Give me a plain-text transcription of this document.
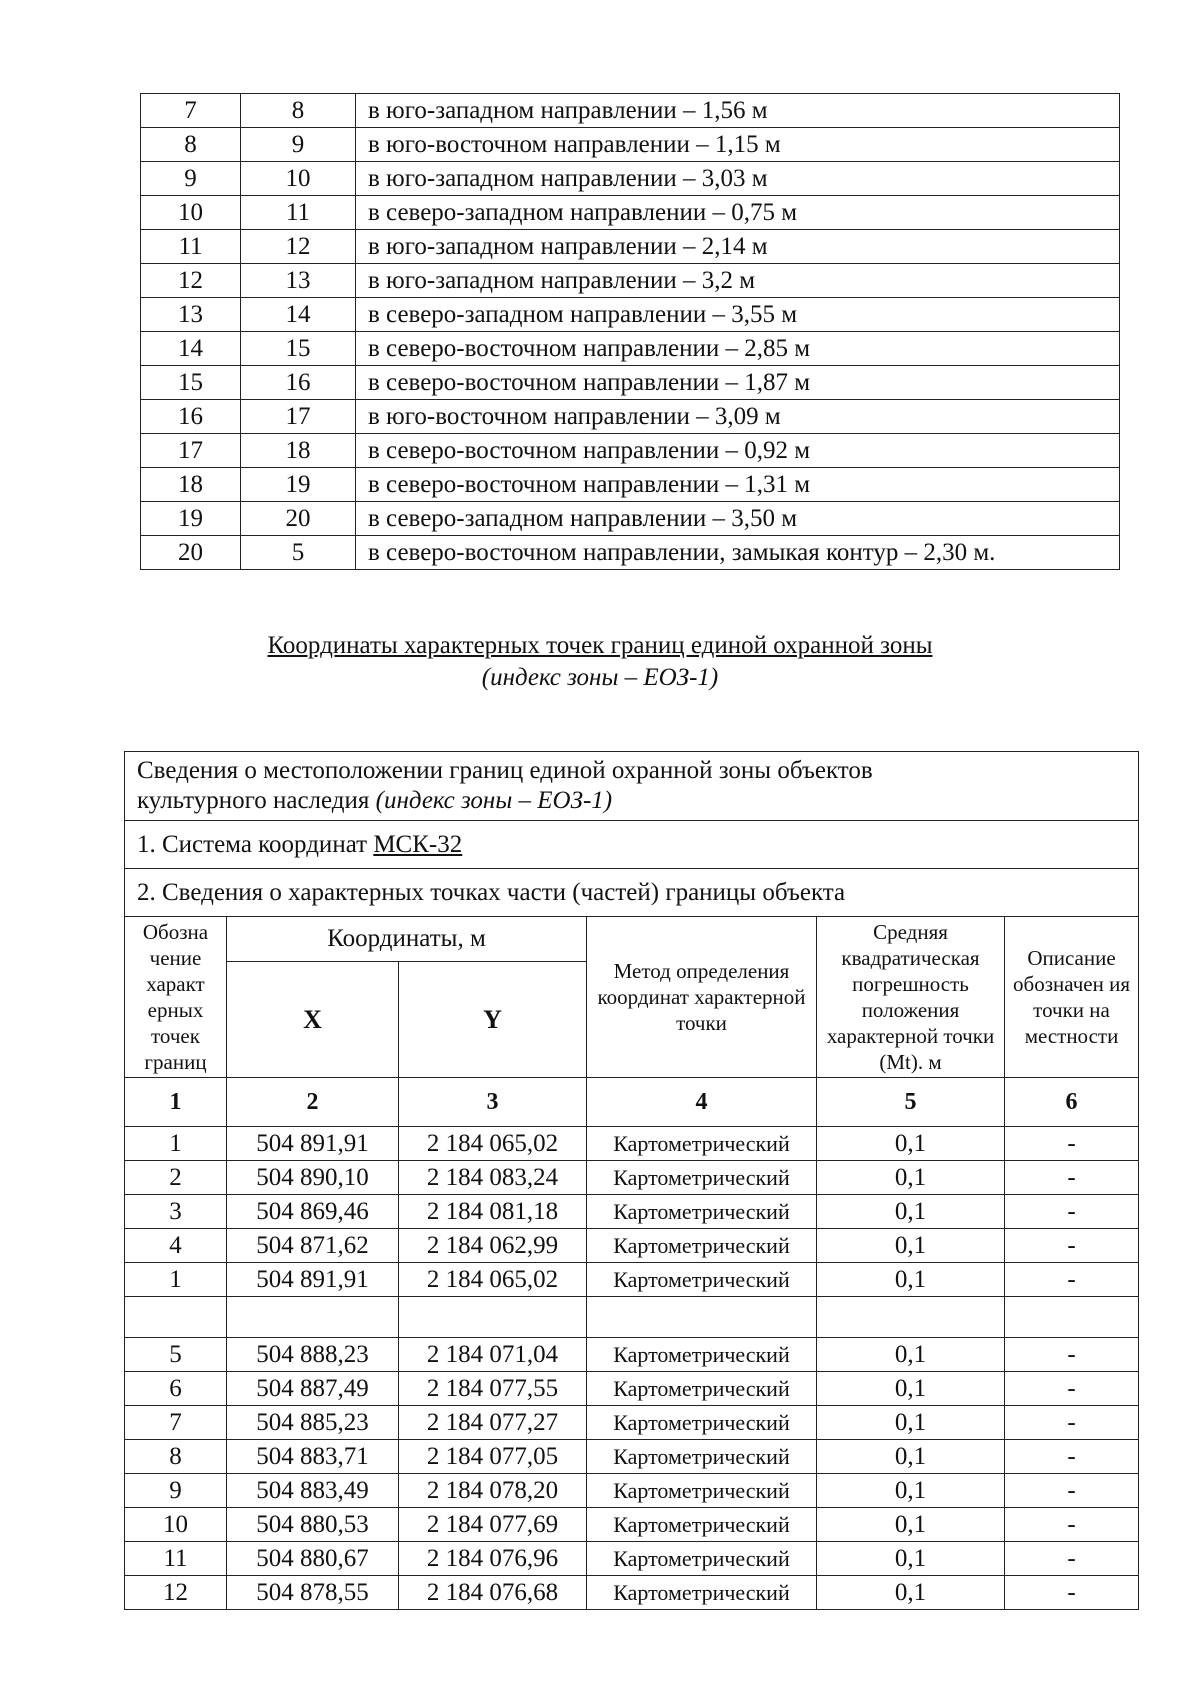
7	8	в юго-западном направлении – 1,56 м
8	9	в юго-восточном направлении – 1,15 м
9	10	в юго-западном направлении – 3,03 м
10	11	в северо-западном направлении – 0,75 м
11	12	в юго-западном направлении – 2,14 м
12	13	в юго-западном направлении – 3,2 м
13	14	в северо-западном направлении – 3,55 м
14	15	в северо-восточном направлении – 2,85 м
15	16	в северо-восточном направлении – 1,87 м
16	17	в юго-восточном направлении – 3,09 м
17	18	в северо-восточном направлении – 0,92 м
18	19	в северо-восточном направлении – 1,31 м
19	20	в северо-западном направлении – 3,50 м
20	5	в северо-восточном направлении, замыкая контур – 2,30 м.
Координаты характерных точек границ единой охранной зоны
(индекс зоны – ЕОЗ-1)
Сведения о местоположении границ единой охранной зоны объектов
культурного наследия (индекс зоны – ЕОЗ-1)					
1. Система координат МСК-32					
2. Сведения о характерных точках части (частей) границы объекта					
Обозна чение характ ерных точек границ	Координаты, м		Метод определения координат характерной точки	Средняя квадратическая погрешность положения характерной точки (Mt). м	Описание обозначен ия точки на местности
	X	Y			
1	2	3	4	5	6
1	504 891,91	2 184 065,02	Картометрический	0,1	-
2	504 890,10	2 184 083,24	Картометрический	0,1	-
3	504 869,46	2 184 081,18	Картометрический	0,1	-
4	504 871,62	2 184 062,99	Картометрический	0,1	-
1	504 891,91	2 184 065,02	Картометрический	0,1	-

5	504 888,23	2 184 071,04	Картометрический	0,1	-
6	504 887,49	2 184 077,55	Картометрический	0,1	-
7	504 885,23	2 184 077,27	Картометрический	0,1	-
8	504 883,71	2 184 077,05	Картометрический	0,1	-
9	504 883,49	2 184 078,20	Картометрический	0,1	-
10	504 880,53	2 184 077,69	Картометрический	0,1	-
11	504 880,67	2 184 076,96	Картометрический	0,1	-
12	504 878,55	2 184 076,68	Картометрический	0,1	-
